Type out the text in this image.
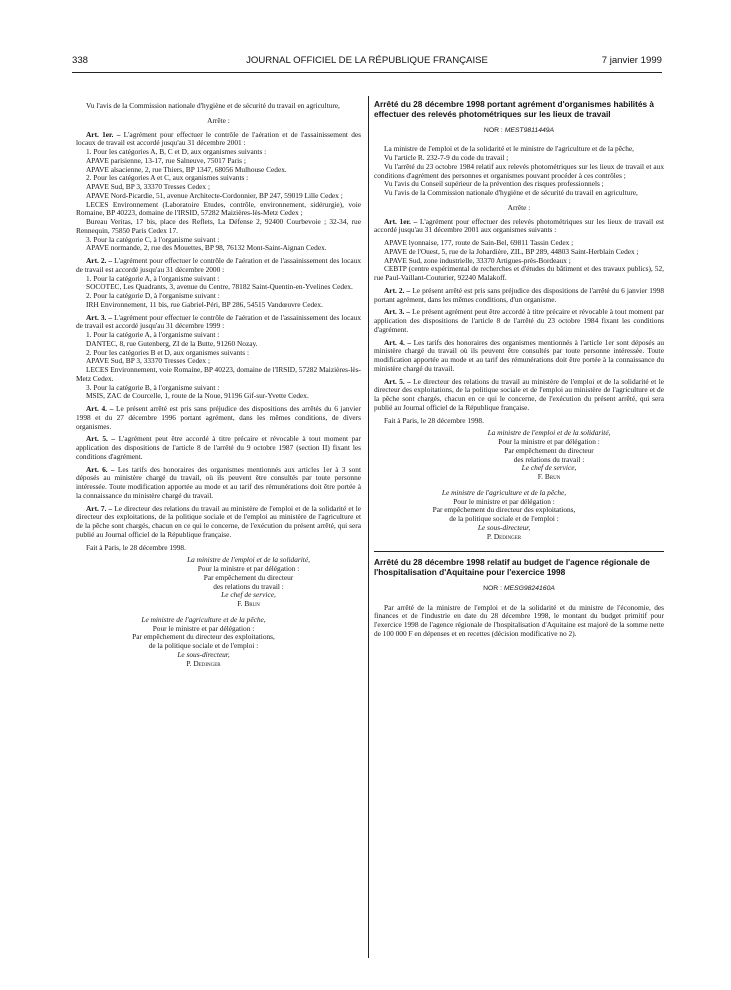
338	JOURNAL OFFICIEL DE LA RÉPUBLIQUE FRANÇAISE	7 janvier 1999

Vu l'avis de la Commission nationale d'hygiène et de sécurité du travail en agriculture,

Arrête :

Art. 1er. – L'agrément pour effectuer le contrôle de l'aération et de l'assainissement des locaux de travail est accordé jusqu'au 31 décembre 2001 :

1. Pour les catégories A, B, C et D, aux organismes suivants :

APAVE parisienne, 13-17, rue Salneuve, 75017 Paris ;

APAVE alsacienne, 2, rue Thiers, BP 1347, 68056 Mulhouse Cedex.

2. Pour les catégories A et C, aux organismes suivants :

APAVE Sud, BP 3, 33370 Tresses Cedex ;

APAVE Nord-Picardie, 51, avenue Architecte-Cordonnier, BP 247, 59019 Lille Cedex ;

LECES Environnement (Laboratoire Etudes, contrôle, environnement, sidérurgie), voie Romaine, BP 40223, domaine de l'IRSID, 57282 Maizières-lès-Metz Cedex ;

Bureau Veritas, 17 bis, place des Reflets, La Défense 2, 92400 Courbevoie ; 32-34, rue Rennequin, 75850 Paris Cedex 17.

3. Pour la catégorie C, à l'organisme suivant :

APAVE normande, 2, rue des Mouettes, BP 98, 76132 Mont-Saint-Aignan Cedex.

Art. 2. – L'agrément pour effectuer le contrôle de l'aération et de l'assainissement des locaux de travail est accordé jusqu'au 31 décembre 2000 :

1. Pour la catégorie A, à l'organisme suivant :

SOCOTEC, Les Quadrants, 3, avenue du Centre, 78182 Saint-Quentin-en-Yvelines Cedex.

2. Pour la catégorie D, à l'organisme suivant :

IRH Environnement, 11 bis, rue Gabriel-Péri, BP 286, 54515 Vandœuvre Cedex.

Art. 3. – L'agrément pour effectuer le contrôle de l'aération et de l'assainissement des locaux de travail est accordé jusqu'au 31 décembre 1999 :

1. Pour la catégorie A, à l'organisme suivant :

DANTEC, 8, rue Gutenberg, ZI de la Butte, 91260 Nozay.

2. Pour les catégories B et D, aux organismes suivants :

APAVE Sud, BP 3, 33370 Tresses Cedex ;

LECES Environnement, voie Romaine, BP 40223, domaine de l'IRSID, 57282 Maizières-lès-Metz Cedex.

3. Pour la catégorie B, à l'organisme suivant :

MSIS, ZAC de Courcelle, 1, route de la Noue, 91196 Gif-sur-Yvette Cedex.

Art. 4. – Le présent arrêté est pris sans préjudice des dispositions des arrêtés du 6 janvier 1998 et du 27 décembre 1996 portant agrément, dans les mêmes conditions, de divers organismes.

Art. 5. – L'agrément peut être accordé à titre précaire et révocable à tout moment par application des dispositions de l'article 8 de l'arrêté du 9 octobre 1987 (section II) fixant les conditions d'agrément.

Art. 6. – Les tarifs des honoraires des organismes mentionnés aux articles 1er à 3 sont déposés au ministère chargé du travail, où ils peuvent être consultés par toute personne intéressée. Toute modification apportée au mode et au tarif des rémunérations doit être portée à la connaissance du ministère chargé du travail.

Art. 7. – Le directeur des relations du travail au ministère de l'emploi et de la solidarité et le directeur des exploitations, de la politique sociale et de l'emploi au ministère de l'agriculture et de la pêche sont chargés, chacun en ce qui le concerne, de l'exécution du présent arrêté, qui sera publié au Journal officiel de la République française.

Fait à Paris, le 28 décembre 1998.

La ministre de l'emploi et de la solidarité,

Pour la ministre et par délégation :

Par empêchement du directeur

des relations du travail :

Le chef de service,

F. Brun

Le ministre de l'agriculture et de la pêche,

Pour le ministre et par délégation :

Par empêchement du directeur des exploitations,

de la politique sociale et de l'emploi :

Le sous-directeur,

P. Dedinger

Arrêté du 28 décembre 1998 portant agrément d'organismes habilités à effectuer des relevés photométriques sur les lieux de travail

NOR : MEST9811449A

La ministre de l'emploi et de la solidarité et le ministre de l'agriculture et de la pêche,

Vu l'article R. 232-7-9 du code du travail ;

Vu l'arrêté du 23 octobre 1984 relatif aux relevés photométriques sur les lieux de travail et aux conditions d'agrément des personnes et organismes pouvant procéder à ces contrôles ;

Vu l'avis du Conseil supérieur de la prévention des risques professionnels ;

Vu l'avis de la Commission nationale d'hygiène et de sécurité du travail en agriculture,

Arrête :

Art. 1er. – L'agrément pour effectuer des relevés photométriques sur les lieux de travail est accordé jusqu'au 31 décembre 2001 aux organismes suivants :

APAVE lyonnaise, 177, route de Sain-Bel, 69811 Tassin Cedex ;

APAVE de l'Ouest, 5, rue de la Johardière, ZIL, BP 289, 44803 Saint-Herblain Cedex ;

APAVE Sud, zone industrielle, 33370 Artigues-près-Bordeaux ;

CEBTP (centre expérimental de recherches et d'études du bâtiment et des travaux publics), 52, rue Paul-Vaillant-Couturier, 92240 Malakoff.

Art. 2. – Le présent arrêté est pris sans préjudice des dispositions de l'arrêté du 6 janvier 1998 portant agrément, dans les mêmes conditions, d'un organisme.

Art. 3. – Le présent agrément peut être accordé à titre précaire et révocable à tout moment par application des dispositions de l'article 8 de l'arrêté du 23 octobre 1984 fixant les conditions d'agrément.

Art. 4. – Les tarifs des honoraires des organismes mentionnés à l'article 1er sont déposés au ministère chargé du travail où ils peuvent être consultés par toute personne intéressée. Toute modification apportée au mode et au tarif des rémunérations doit être portée à la connaissance du ministère chargé du travail.

Art. 5. – Le directeur des relations du travail au ministère de l'emploi et de la solidarité et le directeur des exploitations, de la politique sociale et de l'emploi au ministère de l'agriculture et de la pêche sont chargés, chacun en ce qui le concerne, de l'exécution du présent arrêté, qui sera publié au Journal officiel de la République française.

Fait à Paris, le 28 décembre 1998.

La ministre de l'emploi et de la solidarité,

Pour la ministre et par délégation :

Par empêchement du directeur

des relations du travail :

Le chef de service,

F. Brun

Le ministre de l'agriculture et de la pêche,

Pour le ministre et par délégation :

Par empêchement du directeur des exploitations,

de la politique sociale et de l'emploi :

Le sous-directeur,

P. Dedinger

Arrêté du 28 décembre 1998 relatif au budget de l'agence régionale de l'hospitalisation d'Aquitaine pour l'exercice 1998

NOR : MESG9824160A

Par arrêté de la ministre de l'emploi et de la solidarité et du ministre de l'économie, des finances et de l'industrie en date du 28 décembre 1998, le montant du budget primitif pour l'exercice 1998 de l'agence régionale de l'hospitalisation d'Aquitaine est majoré de la somme nette de 100 000 F en dépenses et en recettes (décision modificative no 2).
